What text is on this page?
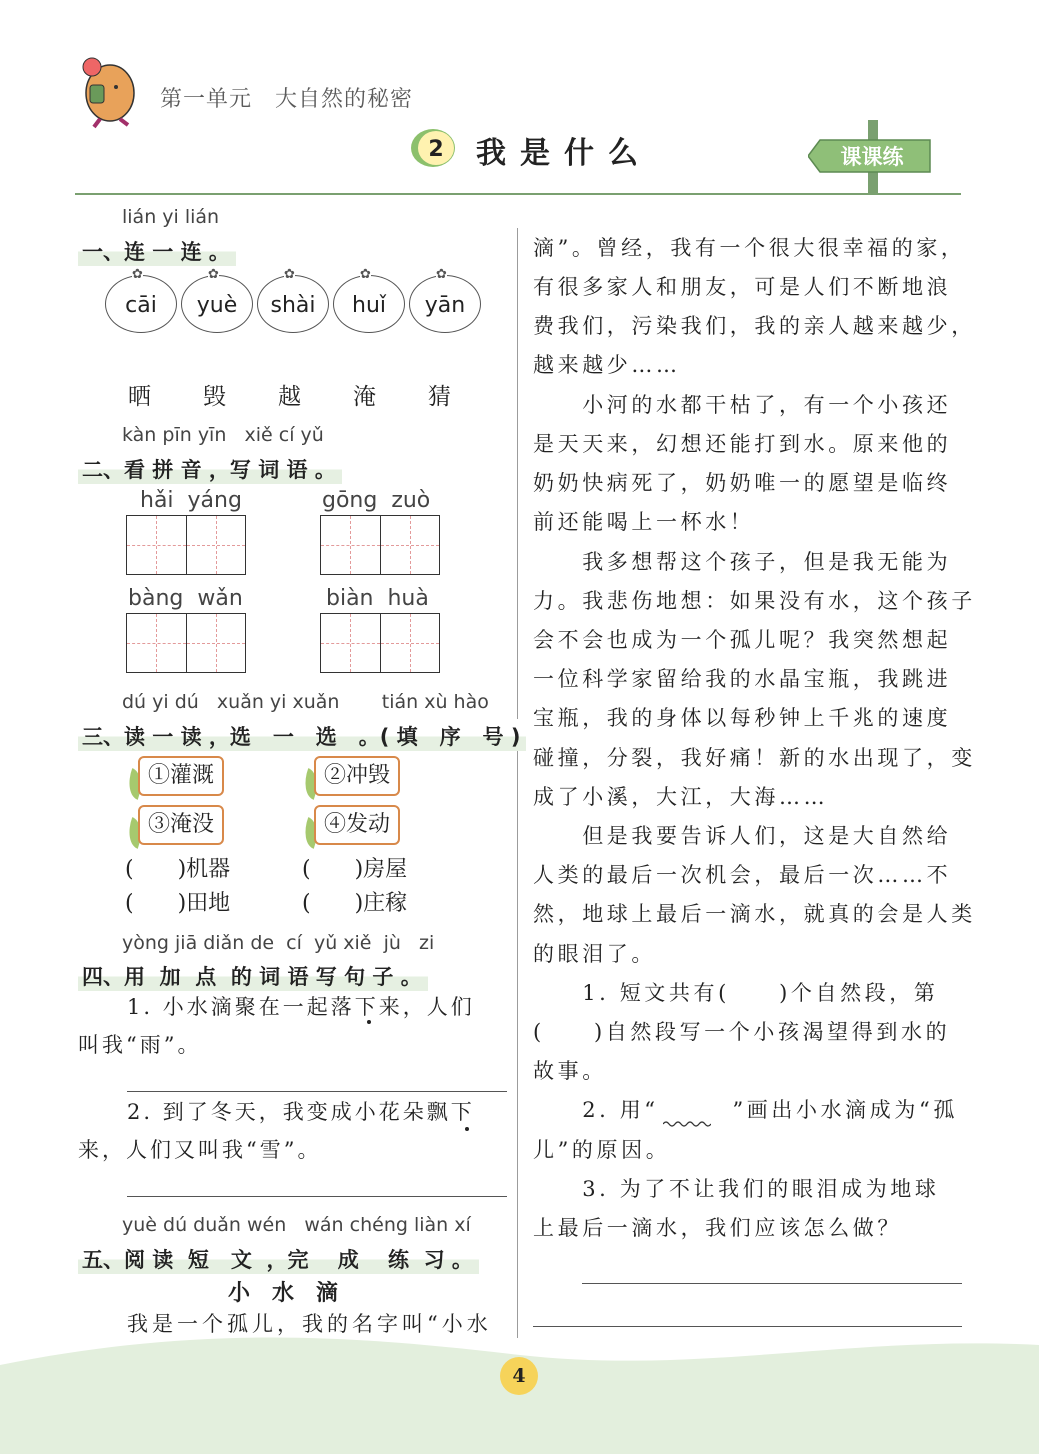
第一单元　大自然的秘密
2 我是什么	课课练
lián yi lián
一、连 一 连 。
✿
cāi
✿
yuè
✿
shài
✿
huǐ
✿
yān
晒 毁 越 淹 猜
kàn pīn yīn   xiě cí yǔ
二、看 拼 音 ，写 词 语 。
hǎi  yáng	gōng  zuò
bàng  wǎn	biàn  huà
dú yi dú   xuǎn yi xuǎn       tián xù hào
三、读 一 读 ，选   一   选   。( 填   序   号 )
①灌溉	②冲毁
③淹没	④发动
(　　)机器	(　　)房屋
(　　)田地	(　　)庄稼
yòng jiā diǎn de  cí  yǔ xiě  jù   zi
四、用  加  点  的 词 语 写 句 子 。
1. 小水滴聚在一起落下来，人们
叫我“雨”。
2. 到了冬天，我变成小花朵飘下
来，人们又叫我“雪”。
yuè dú duǎn wén   wán chéng liàn xí
五、阅 读  短   文  ，完    成    练  习 。
小　水　滴
我是一个孤儿，我的名字叫“小水
滴”。曾经，我有一个很大很幸福的家，
有很多家人和朋友，可是人们不断地浪
费我们，污染我们，我的亲人越来越少，
越来越少……
　　小河的水都干枯了，有一个小孩还
是天天来，幻想还能打到水。原来他的
奶奶快病死了，奶奶唯一的愿望是临终
前还能喝上一杯水！
　　我多想帮这个孩子，但是我无能为
力。我悲伤地想：如果没有水，这个孩子
会不会也成为一个孤儿呢？我突然想起
一位科学家留给我的水晶宝瓶，我跳进
宝瓶，我的身体以每秒钟上千兆的速度
碰撞，分裂，我好痛！新的水出现了，变
成了小溪，大江，大海……
　　但是我要告诉人们，这是大自然给
人类的最后一次机会，最后一次……不
然，地球上最后一滴水，就真的会是人类
的眼泪了。
　　1. 短文共有(　　)个自然段，第
(　　)自然段写一个小孩渴望得到水的
故事。
　　2. 用“　　　”画出小水滴成为“孤
儿”的原因。
　　3. 为了不让我们的眼泪成为地球
上最后一滴水，我们应该怎么做？
4
